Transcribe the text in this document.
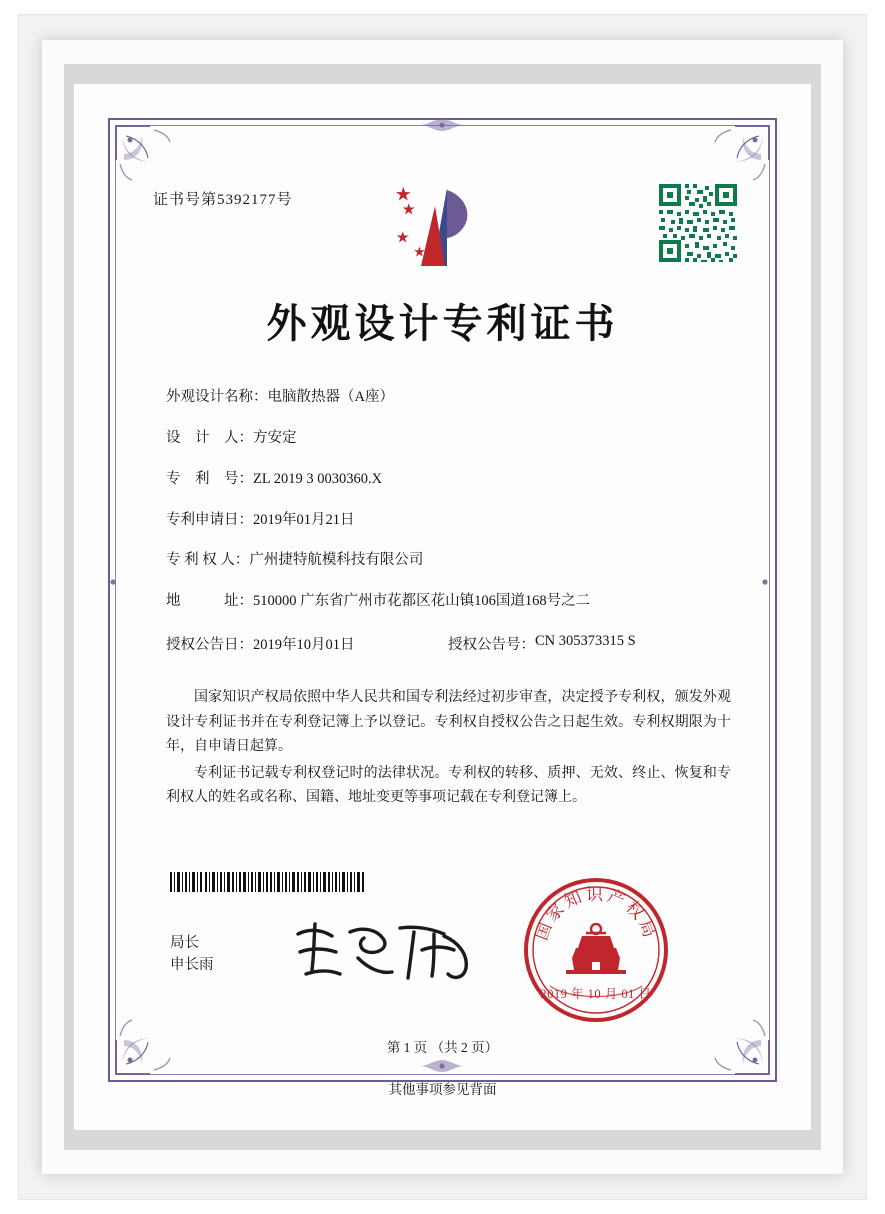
证书号第5392177号
外观设计专利证书
外观设计名称： 电脑散热器（A座）
设　计　人： 方安定
专　利　号： ZL 2019 3 0030360.X
专利申请日： 2019年01月21日
专 利 权 人： 广州捷特航模科技有限公司
地　　　址： 510000 广东省广州市花都区花山镇106国道168号之二
授权公告日： 2019年10月01日	授权公告号： CN 305373315 S

国家知识产权局依照中华人民共和国专利法经过初步审查，决定授予专利权，颁发外观设计专利证书并在专利登记簿上予以登记。专利权自授权公告之日起生效。专利权期限为十年，自申请日起算。

专利证书记载专利权登记时的法律状况。专利权的转移、质押、无效、终止、恢复和专利权人的姓名或名称、国籍、地址变更等事项记载在专利登记簿上。

局长
申长雨
国家知识产权局
2019 年 10 月 01 日
第 1 页 （共 2 页）
其他事项参见背面
